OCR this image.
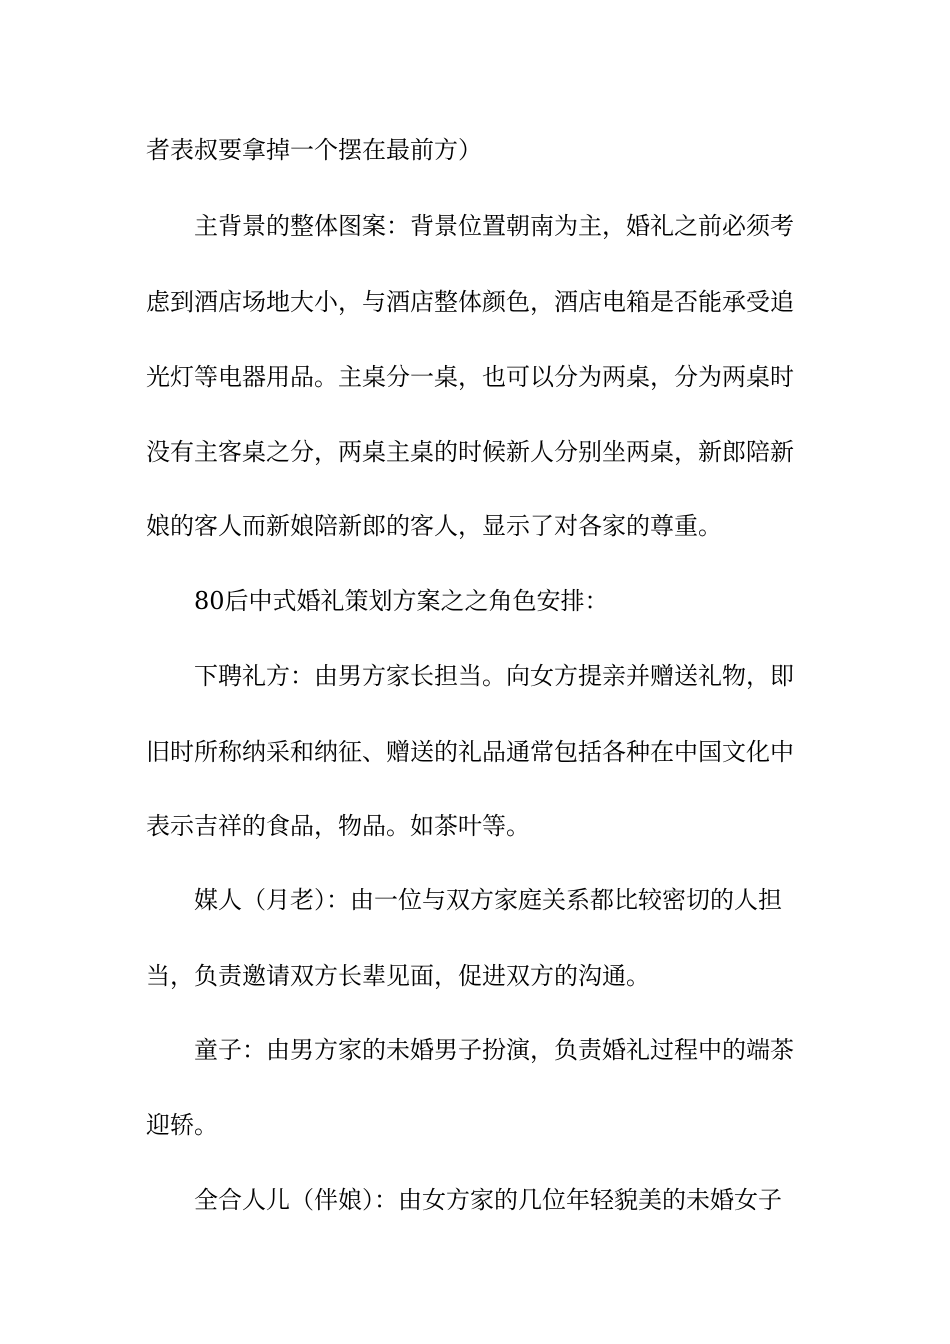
者表叔要拿掉一个摆在最前方）
主背景的整体图案：背景位置朝南为主，婚礼之前必须考
虑到酒店场地大小，与酒店整体颜色，酒店电箱是否能承受追
光灯等电器用品。主桌分一桌，也可以分为两桌，分为两桌时
没有主客桌之分，两桌主桌的时候新人分别坐两桌，新郎陪新
娘的客人而新娘陪新郎的客人，显示了对各家的尊重。
80后中式婚礼策划方案之之角色安排：
下聘礼方：由男方家长担当。向女方提亲并赠送礼物，即
旧时所称纳采和纳征、赠送的礼品通常包括各种在中国文化中
表示吉祥的食品，物品。如茶叶等。
媒人（月老）：由一位与双方家庭关系都比较密切的人担
当，负责邀请双方长辈见面，促进双方的沟通。
童子：由男方家的未婚男子扮演，负责婚礼过程中的端茶
迎轿。
全合人儿（伴娘）：由女方家的几位年轻貌美的未婚女子
